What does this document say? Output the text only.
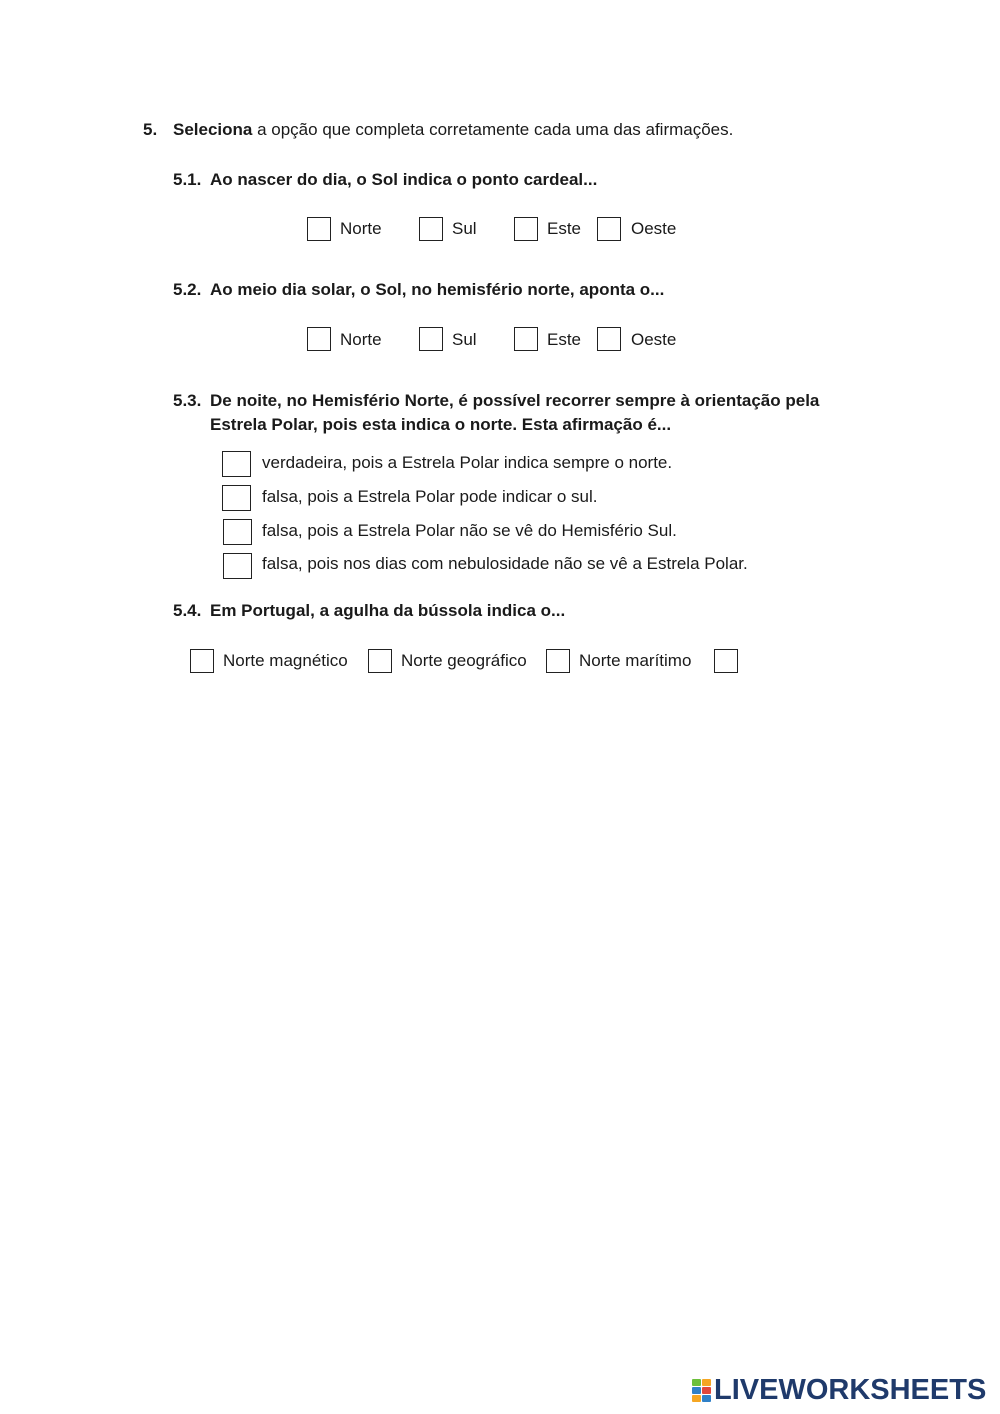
5. Seleciona a opção que completa corretamente cada uma das afirmações.
5.1. Ao nascer do dia, o Sol indica o ponto cardeal...
Norte	Sul	Este	Oeste
5.2. Ao meio dia solar, o Sol, no hemisfério norte, aponta o...
Norte	Sul	Este	Oeste
5.3. De noite, no Hemisfério Norte, é possível recorrer sempre à orientação pela
Estrela Polar, pois esta indica o norte. Esta afirmação é...
verdadeira, pois a Estrela Polar indica sempre o norte.
falsa, pois a Estrela Polar pode indicar o sul.
falsa, pois a Estrela Polar não se vê do Hemisfério Sul.
falsa, pois nos dias com nebulosidade não se vê a Estrela Polar.
5.4. Em Portugal, a agulha da bússola indica o...
Norte magnético	Norte geográfico	Norte marítimo
LIVEWORKSHEETS
